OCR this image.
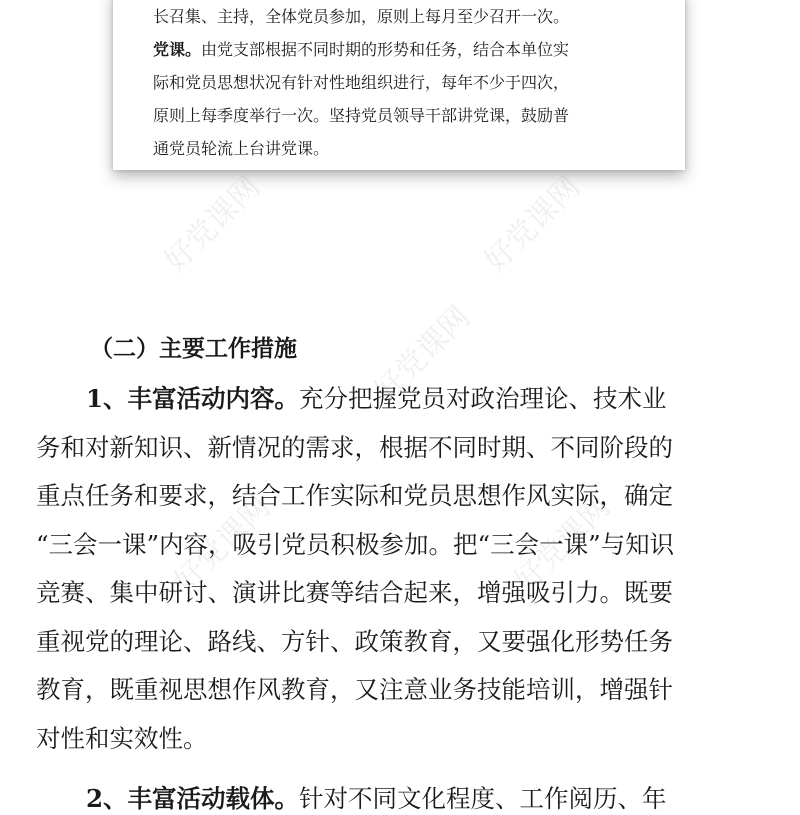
长召集、主持，全体党员参加，原则上每月至少召开一次。
党课。由党支部根据不同时期的形势和任务，结合本单位实
际和党员思想状况有针对性地组织进行，每年不少于四次，
原则上每季度举行一次。坚持党员领导干部讲党课，鼓励普
通党员轮流上台讲党课。
好党课网	好党课网
好党课网
好党课网	好党课网
（二）主要工作措施
1、丰富活动内容。充分把握党员对政治理论、技术业
务和对新知识、新情况的需求，根据不同时期、不同阶段的
重点任务和要求，结合工作实际和党员思想作风实际，确定
“三会一课”内容，吸引党员积极参加。把“三会一课”与知识
竞赛、集中研讨、演讲比赛等结合起来，增强吸引力。既要
重视党的理论、路线、方针、政策教育，又要强化形势任务
教育，既重视思想作风教育，又注意业务技能培训，增强针
对性和实效性。
2、丰富活动载体。针对不同文化程度、工作阅历、年
